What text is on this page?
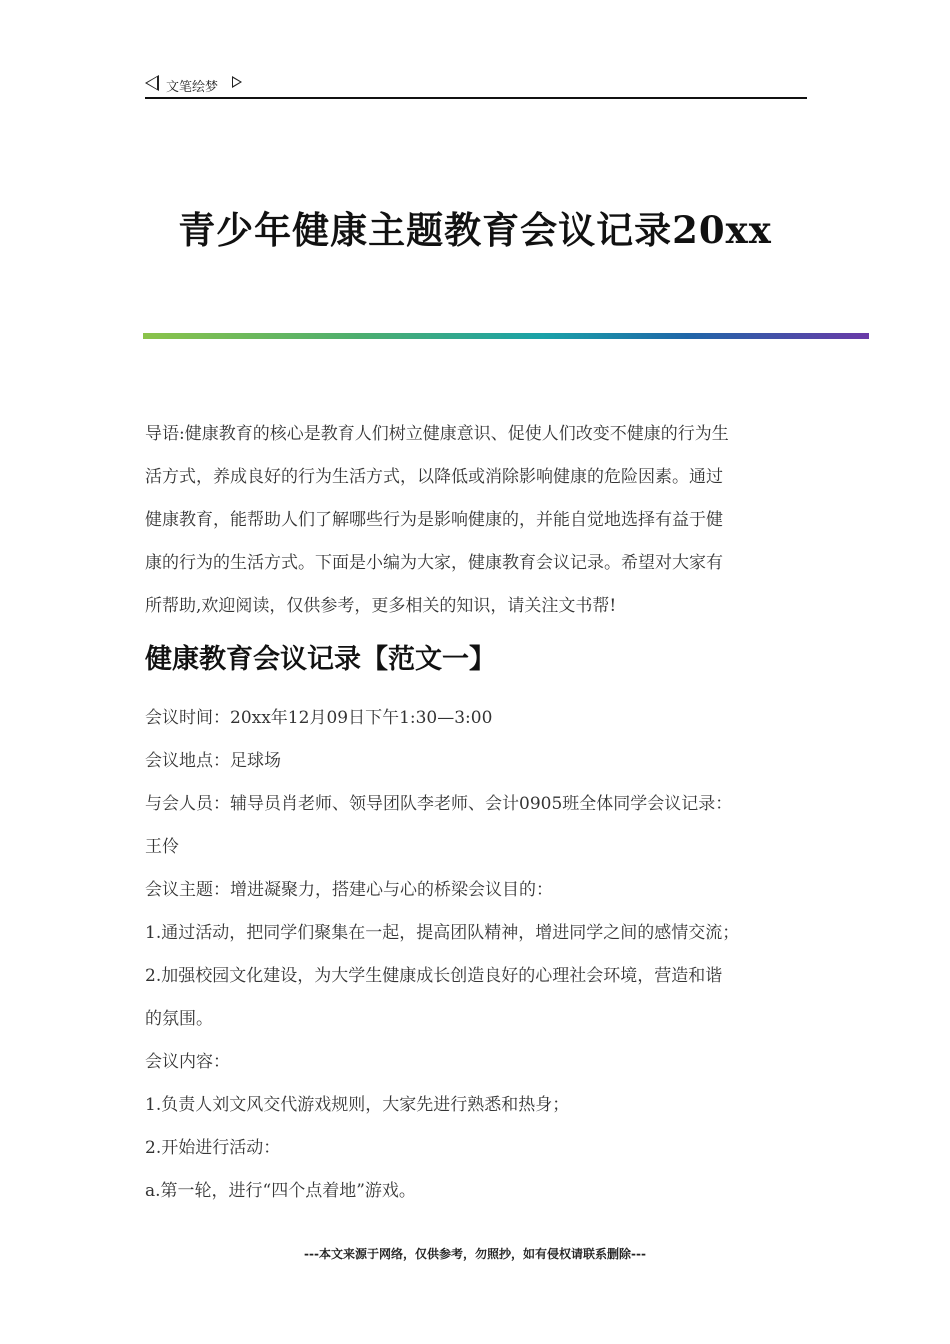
文笔绘梦
青少年健康主题教育会议记录20xx

导语:健康教育的核心是教育人们树立健康意识、促使人们改变不健康的行为生

活方式，养成良好的行为生活方式，以降低或消除影响健康的危险因素。通过

健康教育，能帮助人们了解哪些行为是影响健康的，并能自觉地选择有益于健

康的行为的生活方式。下面是小编为大家，健康教育会议记录。希望对大家有

所帮助,欢迎阅读，仅供参考，更多相关的知识，请关注文书帮!

健康教育会议记录【范文一】
会议时间：20xx年12月09日下午1:30—3:00
会议地点：足球场
与会人员：辅导员肖老师、领导团队李老师、会计0905班全体同学会议记录：
王伶
会议主题：增进凝聚力，搭建心与心的桥梁会议目的：
1.通过活动，把同学们聚集在一起，提高团队精神，增进同学之间的感情交流；
2.加强校园文化建设，为大学生健康成长创造良好的心理社会环境，营造和谐
的氛围。
会议内容：
1.负责人刘文风交代游戏规则，大家先进行熟悉和热身；
2.开始进行活动：
a.第一轮，进行“四个点着地”游戏。
---本文来源于网络，仅供参考，勿照抄，如有侵权请联系删除---
